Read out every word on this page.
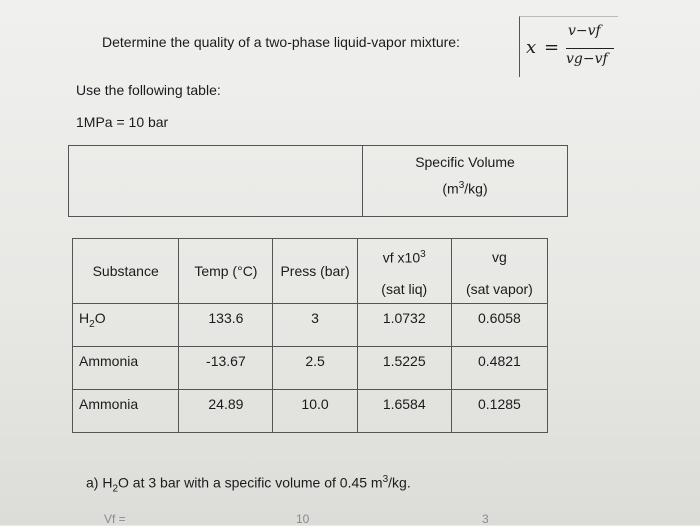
Determine the quality of a two-phase liquid-vapor mixture:	x =
v−vf
vg−vf
Use the following table:
1MPa = 10 bar

Specific Volume
$(m^3/kg)$
Substance	Temp (°C)	Press (bar)	vf $x10^3$	vg
			(sat liq)	(sat vapor)
$H_2O$	133.6	3	1.0732	0.6058
Ammonia	-13.67	2.5	1.5225	0.4821
Ammonia	24.89	10.0	1.6584	0.1285
a) $H_2O$ at 3 bar with a specific volume of 0.45 $m^3/kg$.
Vf =	10	3
